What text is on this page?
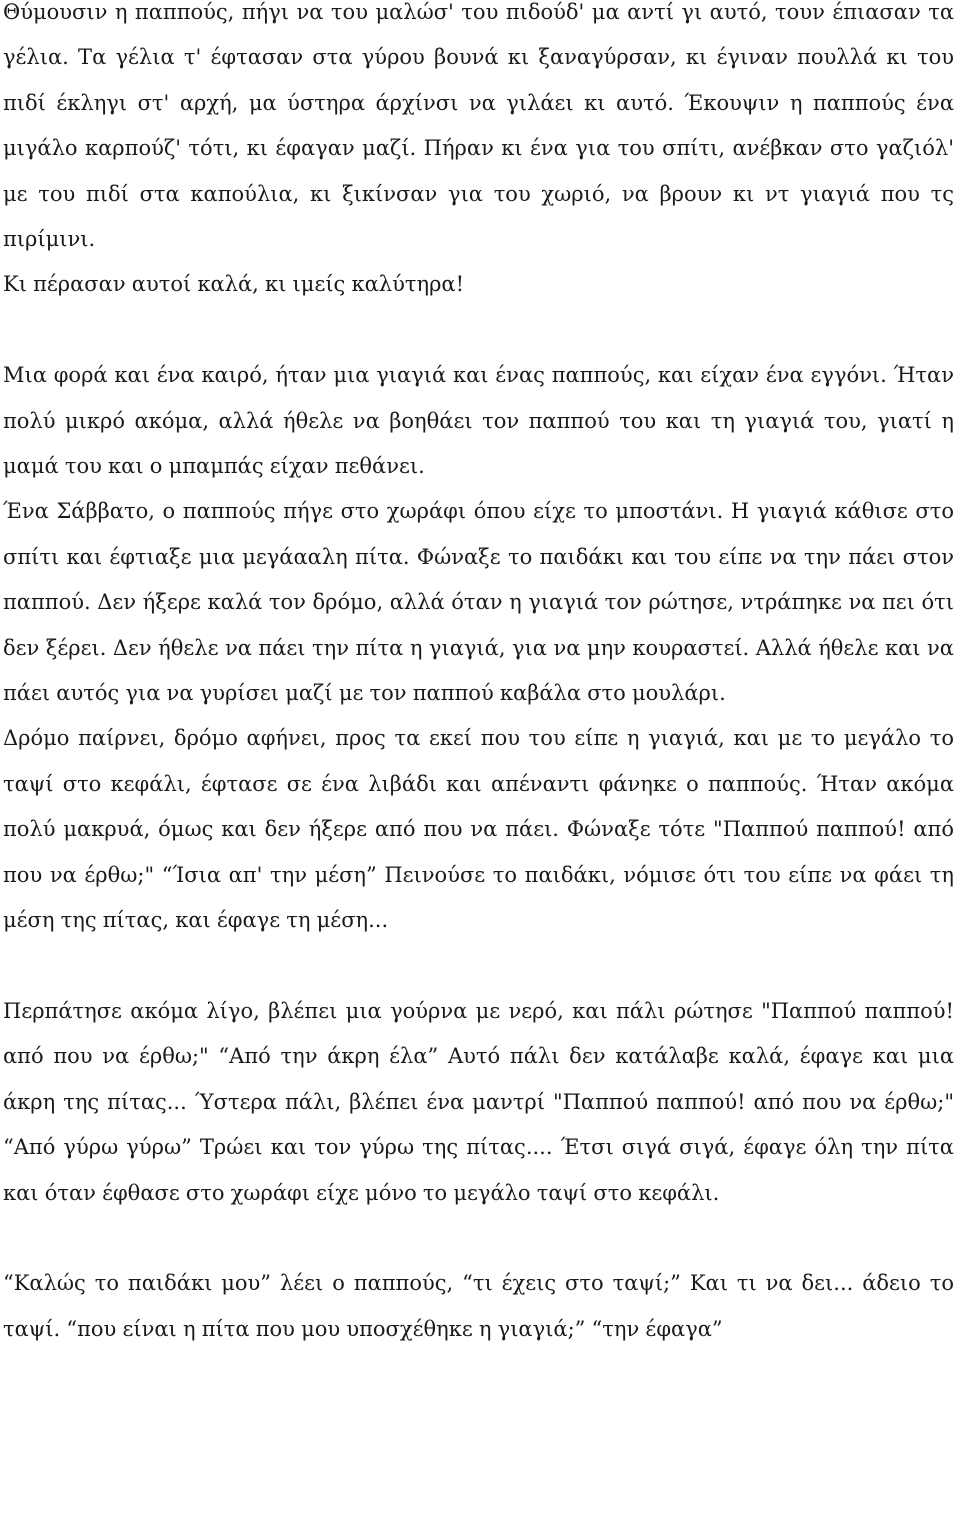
Θύμουσιν η παππούς, πήγι να του μαλώσ' του πιδούδ' μα αντί γι αυτό, τουν έπιασαν τα γέλια. Τα γέλια τ' έφτασαν στα γύρου βουνά κι ξαναγύρσαν, κι έγιναν πουλλά κι του πιδί έκληγι στ' αρχή, μα ύστηρα άρχίνσι να γιλάει κι αυτό. Έκουψιν η παππούς ένα μιγάλο καρπούζ' τότι, κι έφαγαν μαζί. Πήραν κι ένα για του σπίτι, ανέβκαν στο γαζιόλ' με του πιδί στα καπούλια, κι ξικίνσαν για του χωριό, να βρουν κι ντ γιαγιά που τς πιρίμινι.

Κι πέρασαν αυτοί καλά, κι ιμείς καλύτηρα!

Μια φορά και ένα καιρό, ήταν μια γιαγιά και ένας παππούς, και είχαν ένα εγγόνι. Ήταν πολύ μικρό ακόμα, αλλά ήθελε να βοηθάει τον παππού του και τη γιαγιά του, γιατί η μαμά του και ο μπαμπάς είχαν πεθάνει.

Ένα Σάββατο, ο παππούς πήγε στο χωράφι όπου είχε το μποστάνι. Η γιαγιά κάθισε στο σπίτι και έφτιαξε μια μεγάααλη πίτα. Φώναξε το παιδάκι και του είπε να την πάει στον παππού. Δεν ήξερε καλά τον δρόμο, αλλά όταν η γιαγιά τον ρώτησε, ντράπηκε να πει ότι δεν ξέρει. Δεν ήθελε να πάει την πίτα η γιαγιά, για να μην κουραστεί. Αλλά ήθελε και να πάει αυτός για να γυρίσει μαζί με τον παππού καβάλα στο μουλάρι.

Δρόμο παίρνει, δρόμο αφήνει, προς τα εκεί που του είπε η γιαγιά, και με το μεγάλο το ταψί στο κεφάλι, έφτασε σε ένα λιβάδι και απέναντι φάνηκε ο παππούς. Ήταν ακόμα πολύ μακρυά, όμως και δεν ήξερε από που να πάει. Φώναξε τότε "Παππού παππού! από που να έρθω;" “Ίσια απ' την μέση” Πεινούσε το παιδάκι, νόμισε ότι του είπε να φάει τη μέση της πίτας, και έφαγε τη μέση...

Περπάτησε ακόμα λίγο, βλέπει μια γούρνα με νερό, και πάλι ρώτησε "Παππού παππού! από που να έρθω;" “Από την άκρη έλα” Αυτό πάλι δεν κατάλαβε καλά, έφαγε και μια άκρη της πίτας... Ύστερα πάλι, βλέπει ένα μαντρί "Παππού παππού! από που να έρθω;" “Από γύρω γύρω” Τρώει και τον γύρω της πίτας.... Έτσι σιγά σιγά, έφαγε όλη την πίτα και όταν έφθασε στο χωράφι είχε μόνο το μεγάλο ταψί στο κεφάλι.

“Καλώς το παιδάκι μου” λέει ο παππούς, “τι έχεις στο ταψί;” Και τι να δει... άδειο το ταψί. “που είναι η πίτα που μου υποσχέθηκε η γιαγιά;” “την έφαγα”
